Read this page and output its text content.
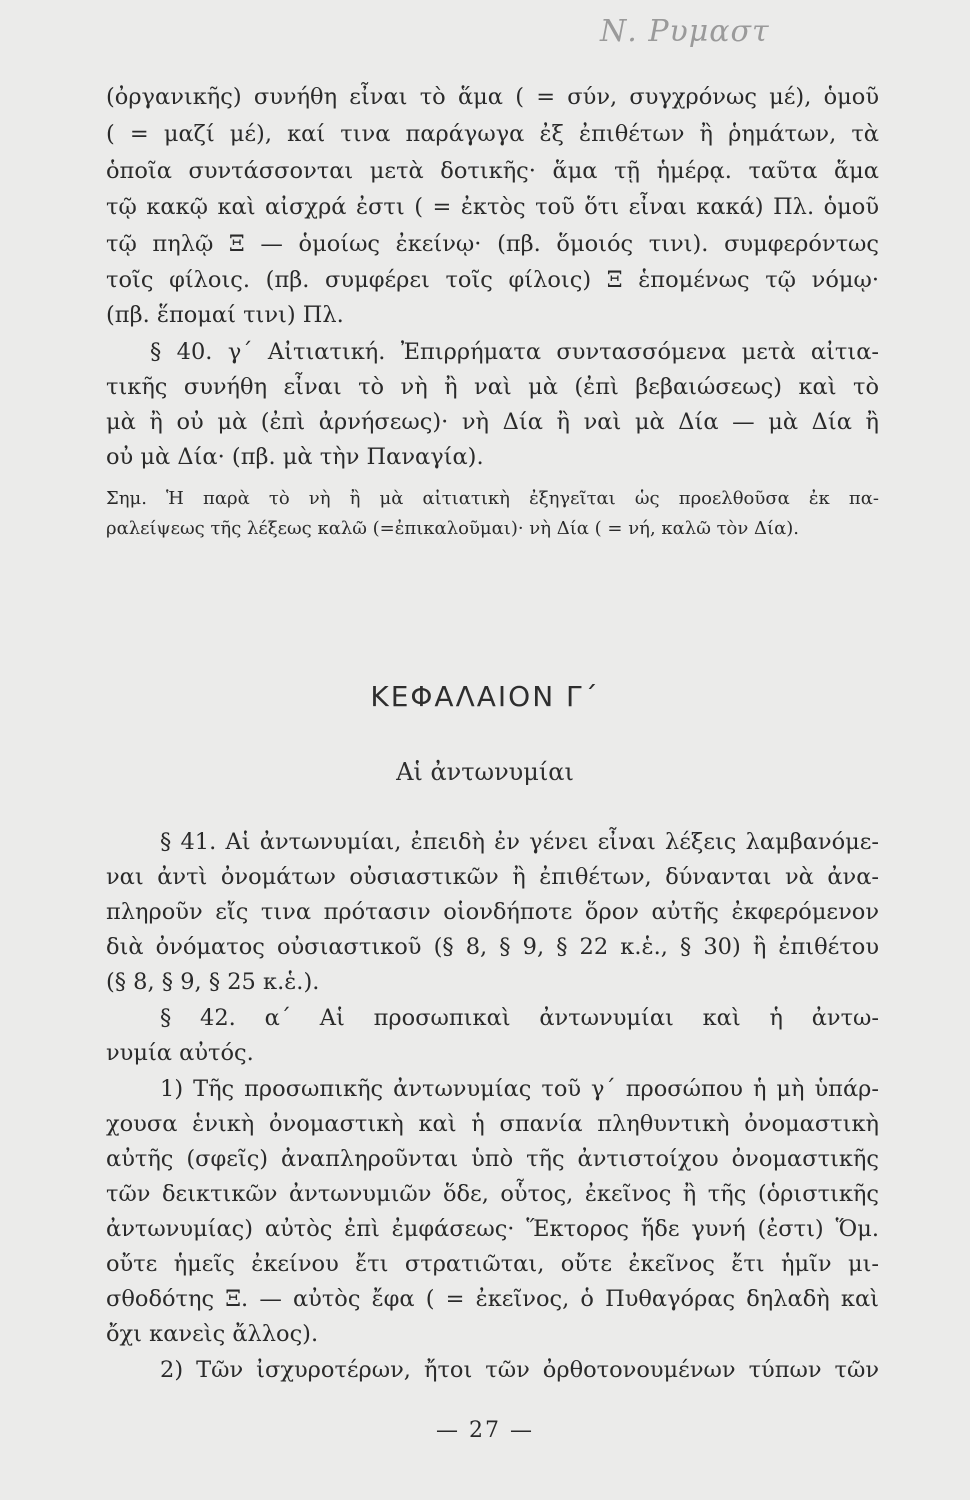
Ν. Ρυμαστ
(ὀργανικῆς) συνήθη εἶναι τὸ ἅμα ( = σύν, συγχρόνως μέ), ὁμοῦ
( = μαζί μέ), καί τινα παράγωγα ἐξ ἐπιθέτων ἢ ῥημάτων, τὰ
ὁποῖα συντάσσονται μετὰ δοτικῆς· ἅμα τῇ ἡμέρᾳ. ταῦτα ἅμα
τῷ κακῷ καὶ αἰσχρά ἐστι ( = ἐκτὸς τοῦ ὅτι εἶναι κακά) Πλ. ὁμοῦ
τῷ πηλῷ Ξ — ὁμοίως ἐκείνῳ· (πβ. ὅμοιός τινι). συμφερόντως
τοῖς φίλοις. (πβ. συμφέρει τοῖς φίλοις) Ξ ἑπομένως τῷ νόμῳ·
(πβ. ἕπομαί τινι) Πλ.
§ 40. γ΄ Αἰτιατική. Ἐπιρρήματα συντασσόμενα μετὰ αἰτια-
τικῆς συνήθη εἶναι τὸ νὴ ἢ ναὶ μὰ (ἐπὶ βεβαιώσεως) καὶ τὸ
μὰ ἢ οὐ μὰ (ἐπὶ ἀρνήσεως)· νὴ Δία ἢ ναὶ μὰ Δία — μὰ Δία ἢ
οὐ μὰ Δία· (πβ. μὰ τὴν Παναγία).
Σημ. Ἡ παρὰ τὸ νὴ ἢ μὰ αἰτιατικὴ ἐξηγεῖται ὡς προελθοῦσα ἐκ πα-
ραλείψεως τῆς λέξεως καλῶ (=ἐπικαλοῦμαι)· νὴ Δία ( = νή, καλῶ τὸν Δία).
ΚΕΦΑΛΑΙΟΝ Γ΄
Αἱ ἀντωνυμίαι
§ 41. Αἱ ἀντωνυμίαι, ἐπειδὴ ἐν γένει εἶναι λέξεις λαμβανόμε-
ναι ἀντὶ ὀνομάτων οὐσιαστικῶν ἢ ἐπιθέτων, δύνανται νὰ ἀνα-
πληροῦν εἴς τινα πρότασιν οἱονδήποτε ὅρον αὐτῆς ἐκφερόμενον
διὰ ὀνόματος οὐσιαστικοῦ (§ 8, § 9, § 22 κ.ἑ., § 30) ἢ ἐπιθέτου
(§ 8, § 9, § 25 κ.ἑ.).
§ 42. α΄ Αἱ προσωπικαὶ ἀντωνυμίαι καὶ ἡ ἀντω-
νυμία αὐτός.
1) Τῆς προσωπικῆς ἀντωνυμίας τοῦ γ΄ προσώπου ἡ μὴ ὑπάρ-
χουσα ἑνικὴ ὀνομαστικὴ καὶ ἡ σπανία πληθυντικὴ ὀνομαστικὴ
αὐτῆς (σφεῖς) ἀναπληροῦνται ὑπὸ τῆς ἀντιστοίχου ὀνομαστικῆς
τῶν δεικτικῶν ἀντωνυμιῶν ὅδε, οὗτος, ἐκεῖνος ἢ τῆς (ὁριστικῆς
ἀντωνυμίας) αὐτὸς ἐπὶ ἐμφάσεως· Ἕκτορος ἥδε γυνή (ἐστι) Ὅμ.
οὔτε ἡμεῖς ἐκείνου ἔτι στρατιῶται, οὔτε ἐκεῖνος ἔτι ἡμῖν μι-
σθοδότης Ξ. — αὐτὸς ἔφα ( = ἐκεῖνος, ὁ Πυθαγόρας δηλαδὴ καὶ
ὄχι κανεὶς ἄλλος).
2) Τῶν ἰσχυροτέρων, ἤτοι τῶν ὀρθοτονουμένων τύπων τῶν
— 27 —
